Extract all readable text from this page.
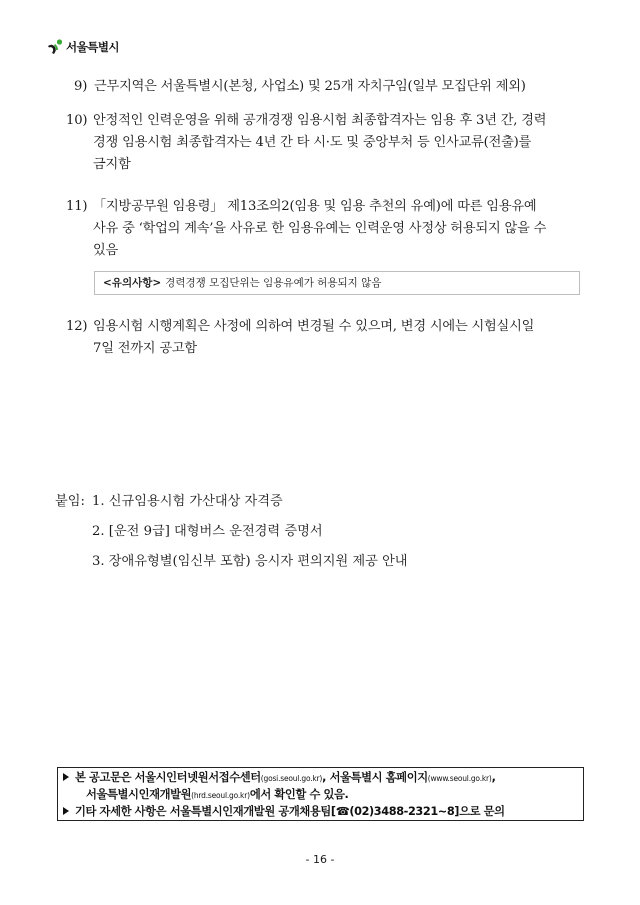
서울특별시
9) 근무지역은 서울특별시(본청, 사업소) 및 25개 자치구임(일부 모집단위 제외)
10) 안정적인 인력운영을 위해 공개경쟁 임용시험 최종합격자는 임용 후 3년 간, 경력
경쟁 임용시험 최종합격자는 4년 간 타 시·도 및 중앙부처 등 인사교류(전출)를
금지함
11) 「지방공무원 임용령」 제13조의2(임용 및 임용 추천의 유예)에 따른 임용유예
사유 중 ‘학업의 계속’을 사유로 한 임용유예는 인력운영 사정상 허용되지 않을 수
있음
<유의사항> 경력경쟁 모집단위는 임용유예가 허용되지 않음
12) 임용시험 시행계획은 사정에 의하여 변경될 수 있으며, 변경 시에는 시험실시일
7일 전까지 공고함
붙임: 1. 신규임용시험 가산대상 자격증
2. [운전 9급] 대형버스 운전경력 증명서
3. 장애유형별(임신부 포함) 응시자 편의지원 제공 안내
본 공고문은 서울시인터넷원서접수센터(gosi.seoul.go.kr), 서울특별시 홈페이지(www.seoul.go.kr),
서울특별시인재개발원(hrd.seoul.go.kr)에서 확인할 수 있음.
기타 자세한 사항은 서울특별시인재개발원 공개채용팀[☎(02)3488-2321~8]으로 문의
- 16 -
